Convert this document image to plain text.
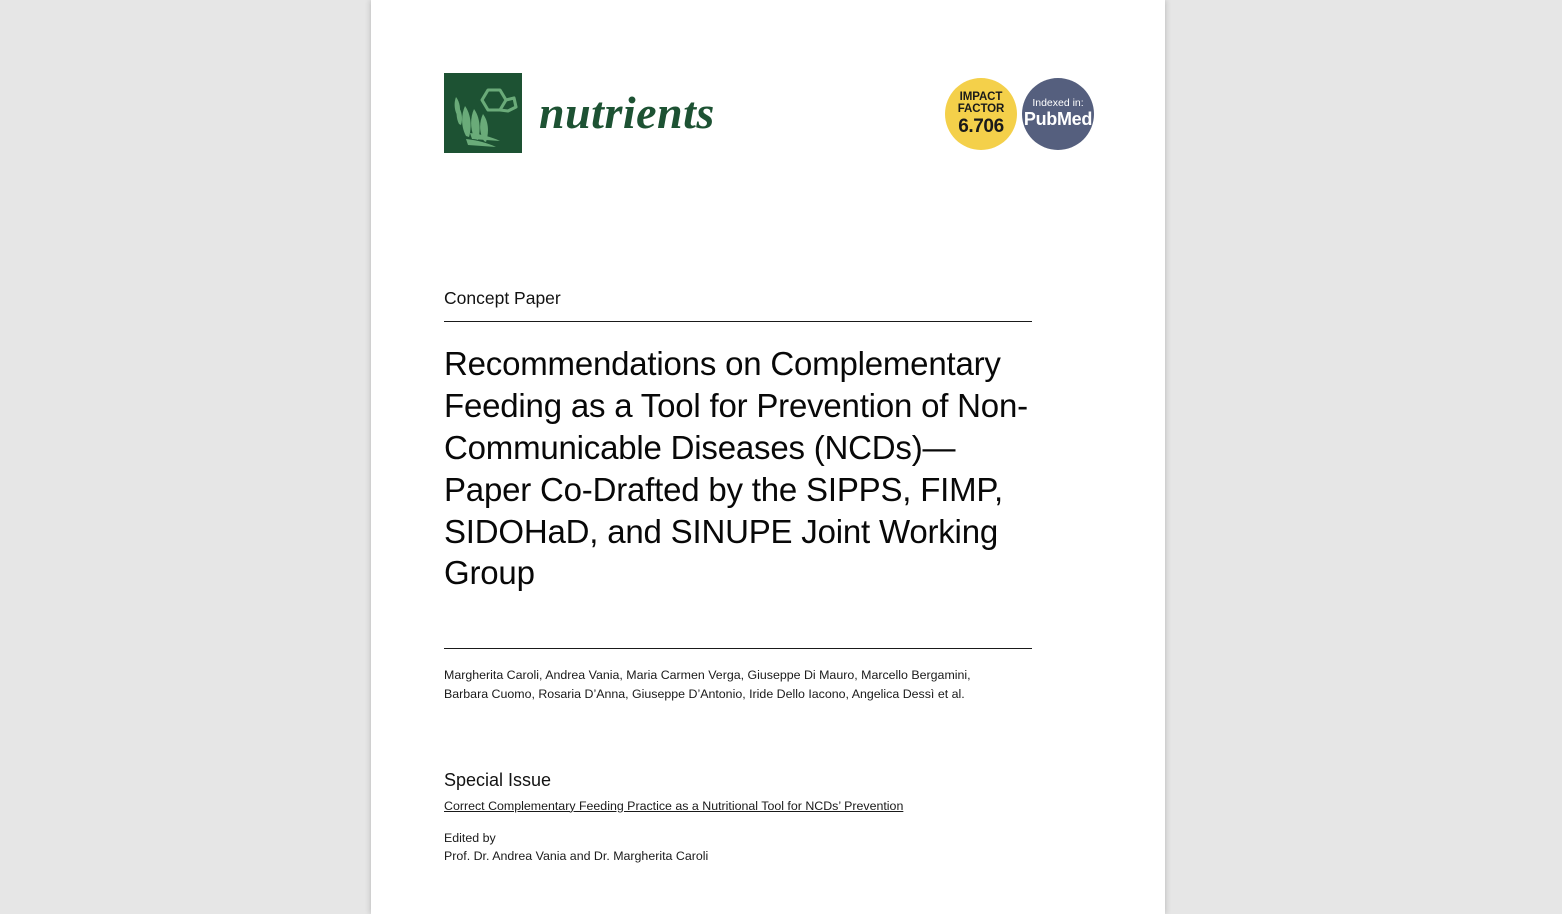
nutrients	IMPACT
FACTOR
6.706
Indexed in:
PubMed

Concept Paper

Recommendations on Complementary Feeding as a Tool for Prevention of Non-Communicable Diseases (NCDs)—Paper Co-Drafted by the SIPPS, FIMP, SIDOHaD, and SINUPE Joint Working Group

Margherita Caroli, Andrea Vania, Maria Carmen Verga, Giuseppe Di Mauro, Marcello Bergamini, Barbara Cuomo, Rosaria D’Anna, Giuseppe D’Antonio, Iride Dello Iacono, Angelica Dessì et al.

Special Issue
Correct Complementary Feeding Practice as a Nutritional Tool for NCDs’ Prevention
Edited by
Prof. Dr. Andrea Vania and Dr. Margherita Caroli
